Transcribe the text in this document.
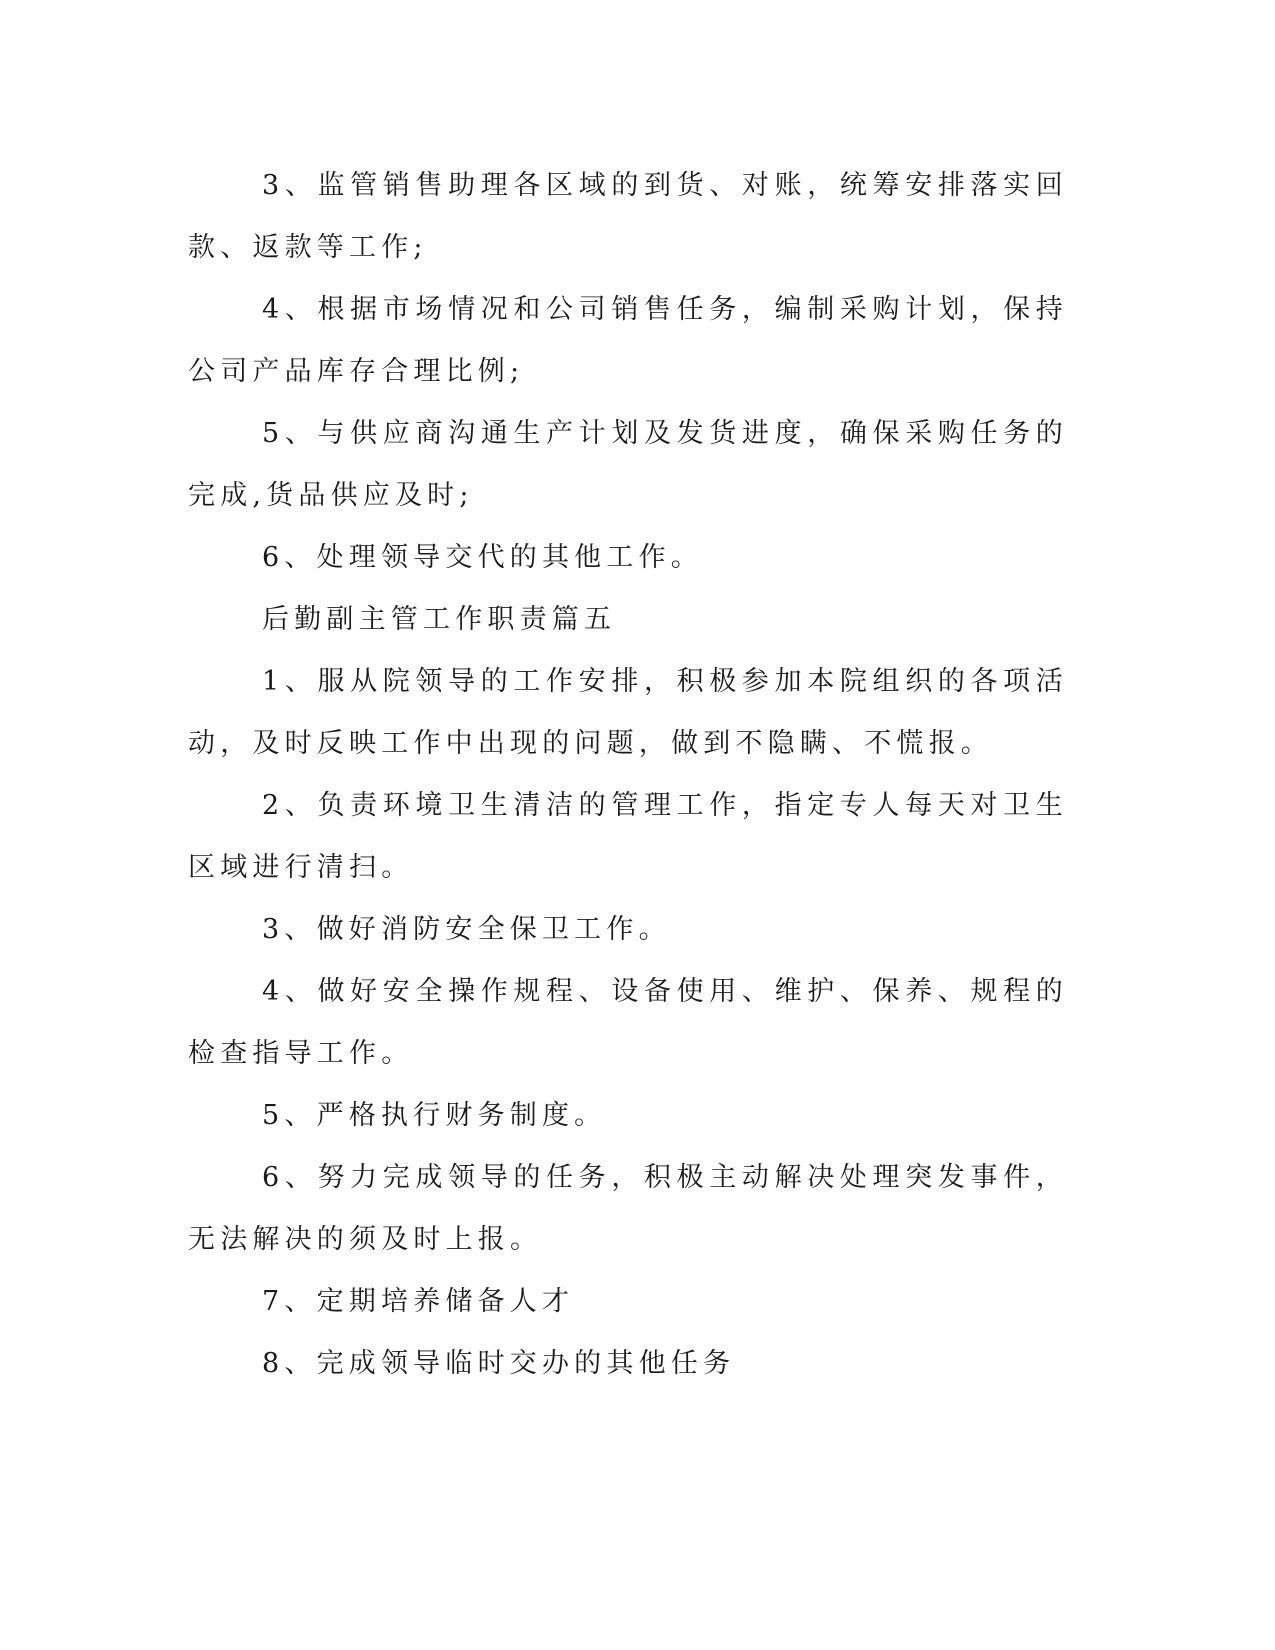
3、监管销售助理各区域的到货、对账，统筹安排落实回款、返款等工作;

4、根据市场情况和公司销售任务，编制采购计划，保持公司产品库存合理比例;

5、与供应商沟通生产计划及发货进度，确保采购任务的完成,货品供应及时;

6、处理领导交代的其他工作。

后勤副主管工作职责篇五

1、服从院领导的工作安排，积极参加本院组织的各项活动，及时反映工作中出现的问题，做到不隐瞒、不慌报。

2、负责环境卫生清洁的管理工作，指定专人每天对卫生区域进行清扫。

3、做好消防安全保卫工作。

4、做好安全操作规程、设备使用、维护、保养、规程的检查指导工作。

5、严格执行财务制度。

6、努力完成领导的任务，积极主动解决处理突发事件，无法解决的须及时上报。

7、定期培养储备人才

8、完成领导临时交办的其他任务
